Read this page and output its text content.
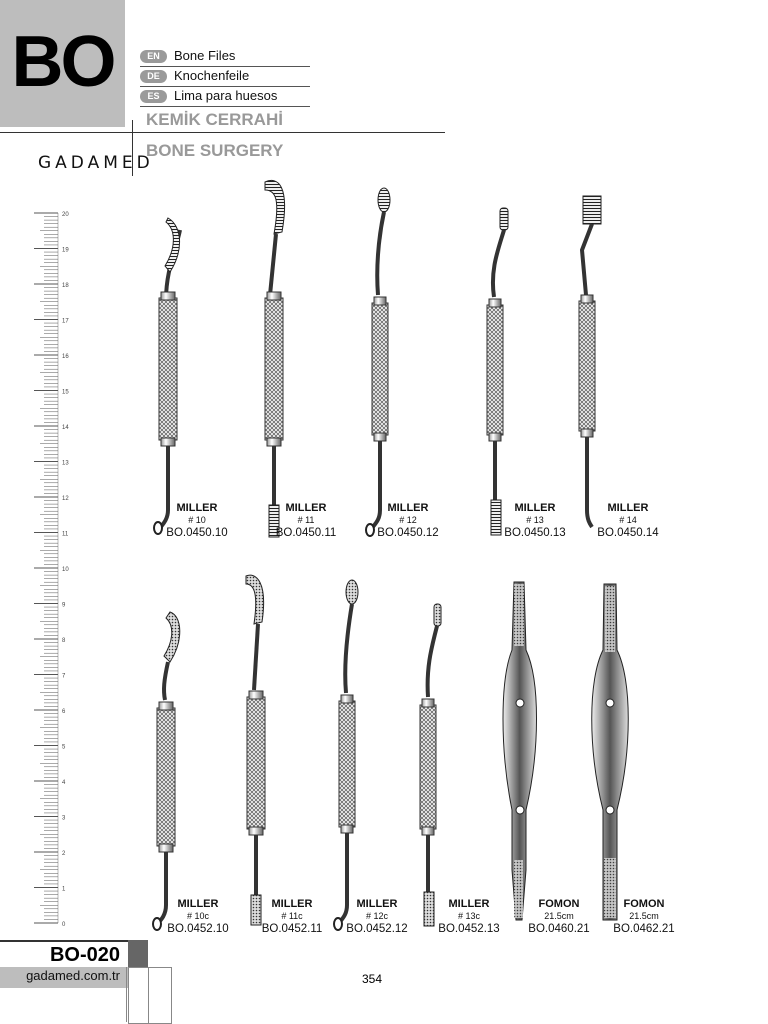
BO	EN	Bone Files
DE	Knochenfeile
ES	Lima para huesos
KEMİK CERRAHİ
BONE SURGERY
GADAMED
20
19
18
17
16
15
14
13
12
11
10
9
8
7
6
5
4
3
2
1
0
MILLER
# 10
BO.0450.10
MILLER
# 11
BO.0450.11
MILLER
# 12
BO.0450.12
MILLER
# 13
BO.0450.13
MILLER
# 14
BO.0450.14
MILLER
# 10c
BO.0452.10
MILLER
# 11c
BO.0452.11
MILLER
# 12c
BO.0452.12
MILLER
# 13c
BO.0452.13
FOMON
21.5cm
BO.0460.21
FOMON
21.5cm
BO.0462.21
BO-020
gadamed.com.tr	354
